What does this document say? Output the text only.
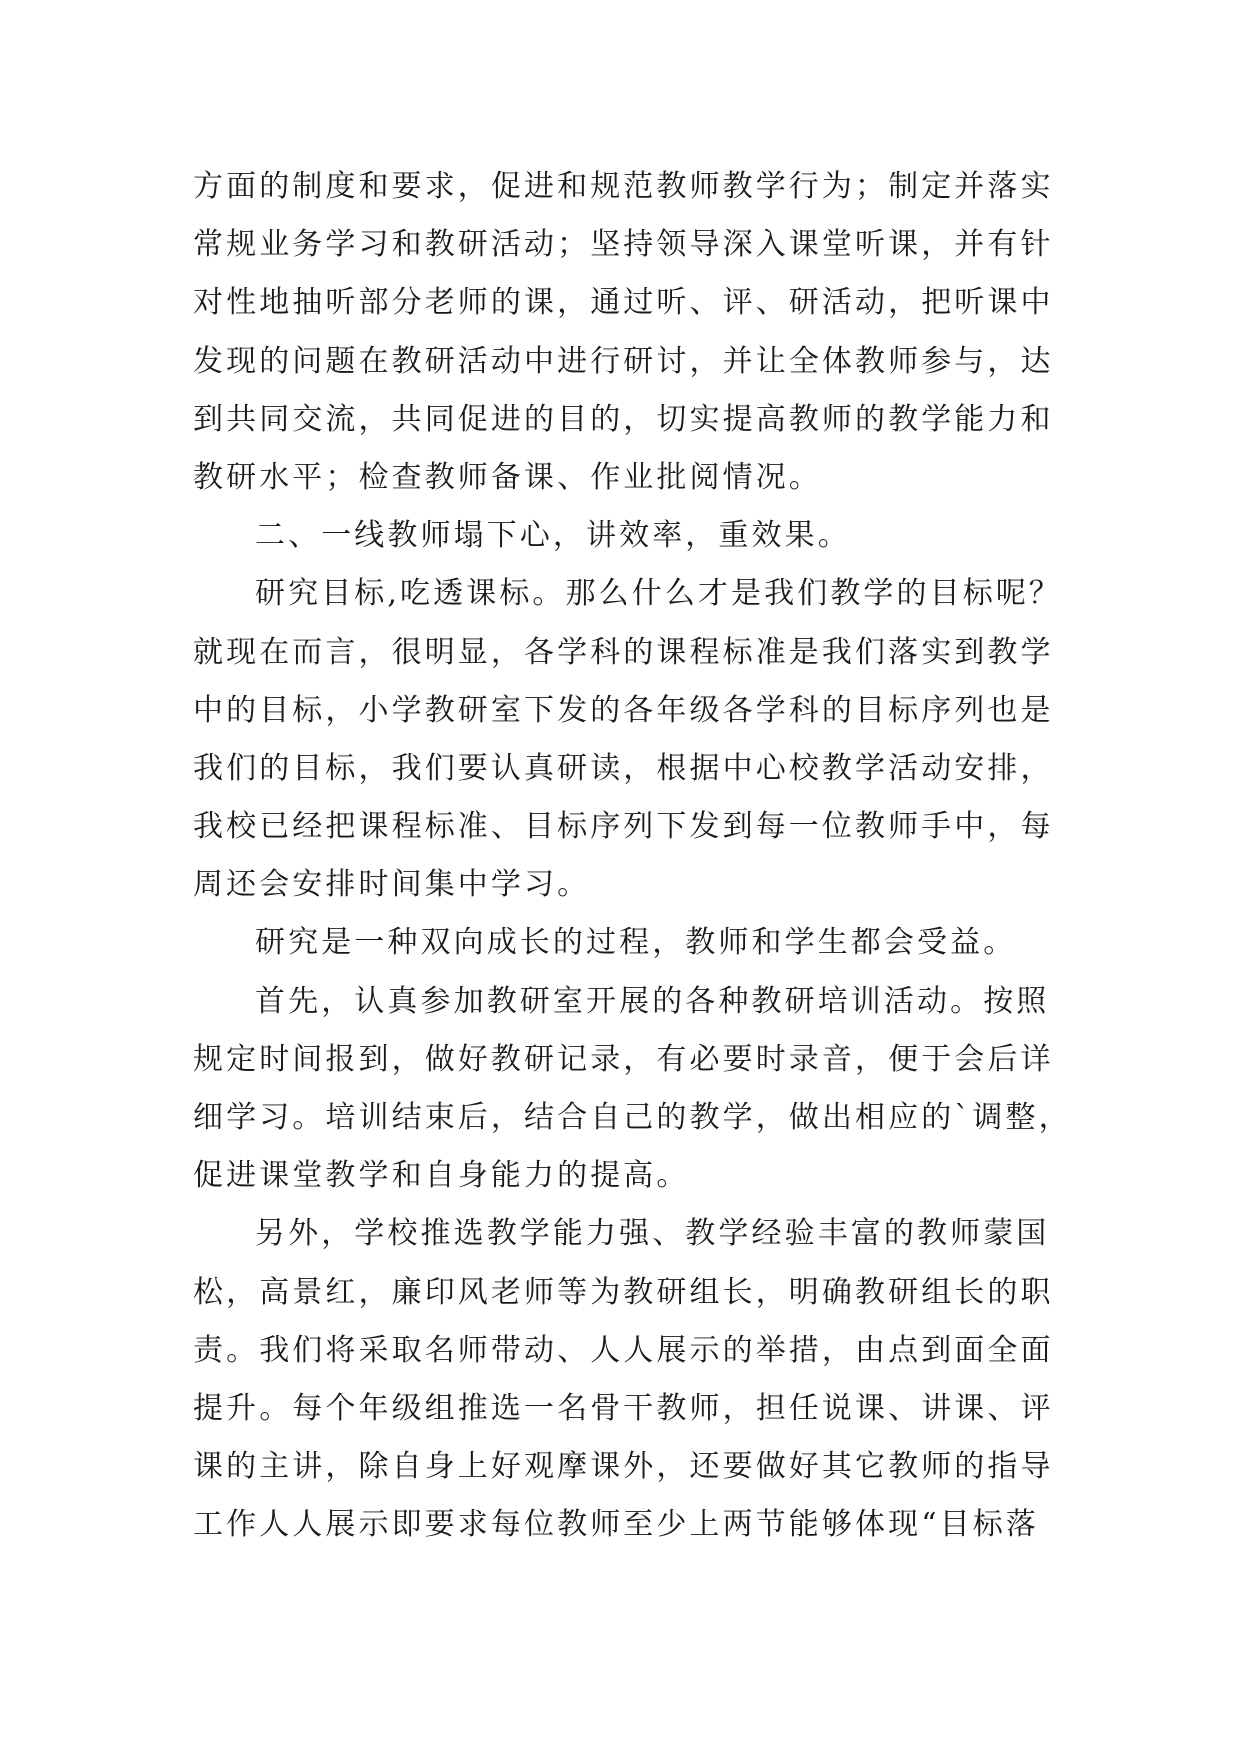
方面的制度和要求，促进和规范教师教学行为；制定并落实
常规业务学习和教研活动；坚持领导深入课堂听课，并有针
对性地抽听部分老师的课，通过听、评、研活动，把听课中
发现的问题在教研活动中进行研讨，并让全体教师参与，达
到共同交流，共同促进的目的，切实提高教师的教学能力和
教研水平；检查教师备课、作业批阅情况。
二、一线教师塌下心，讲效率，重效果。
研究目标,吃透课标。那么什么才是我们教学的目标呢？
就现在而言，很明显，各学科的课程标准是我们落实到教学
中的目标，小学教研室下发的各年级各学科的目标序列也是
我们的目标，我们要认真研读，根据中心校教学活动安排，
我校已经把课程标准、目标序列下发到每一位教师手中，每
周还会安排时间集中学习。
研究是一种双向成长的过程，教师和学生都会受益。
首先，认真参加教研室开展的各种教研培训活动。按照
规定时间报到，做好教研记录，有必要时录音，便于会后详
细学习。培训结束后，结合自己的教学，做出相应的`调整，
促进课堂教学和自身能力的提高。
另外，学校推选教学能力强、教学经验丰富的教师蒙国
松，高景红，廉印风老师等为教研组长，明确教研组长的职
责。我们将采取名师带动、人人展示的举措，由点到面全面
提升。每个年级组推选一名骨干教师，担任说课、讲课、评
课的主讲，除自身上好观摩课外，还要做好其它教师的指导
工作人人展示即要求每位教师至少上两节能够体现“目标落
